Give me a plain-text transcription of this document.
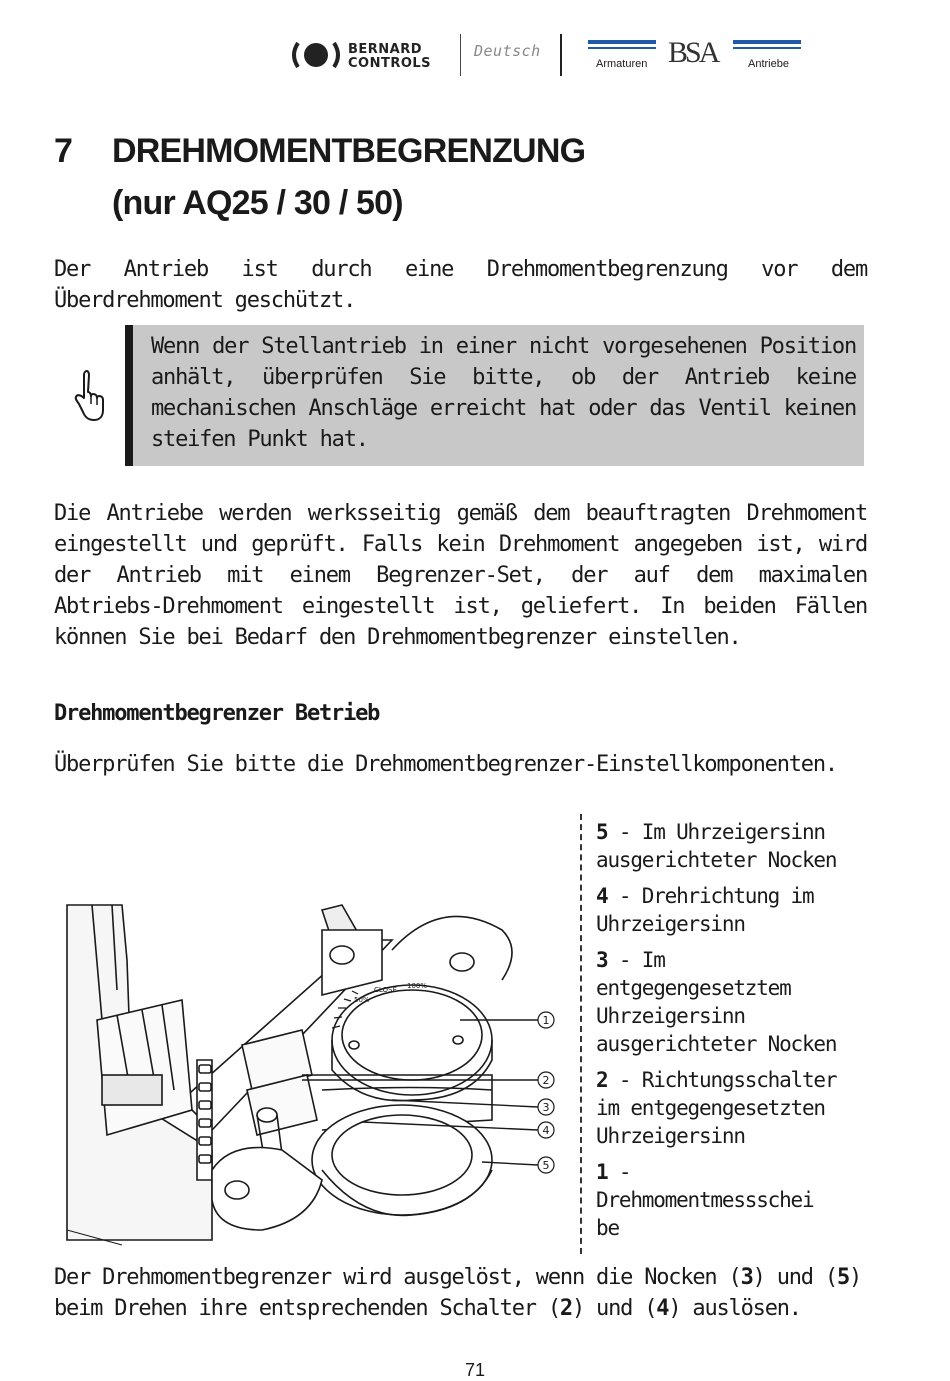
BERNARD
CONTROLS
Deutsch
Armaturen BSA	Antriebe
7 DREHMOMENTBEGRENZUNG
(nur AQ25 / 30 / 50)
Der Antrieb ist durch eine Drehmomentbegrenzung vor dem Überdrehmoment geschützt.
Wenn der Stellantrieb in einer nicht vorgesehenen Position anhält, überprüfen Sie bitte, ob der Antrieb keine mechanischen Anschläge erreicht hat oder das Ventil keinen steifen Punkt hat.
Die Antriebe werden werksseitig gemäß dem beauftragten Drehmoment eingestellt und geprüft. Falls kein Drehmoment angegeben ist, wird der Antrieb mit einem Begrenzer-Set, der auf dem maximalen Abtriebs-Drehmoment eingestellt ist, geliefert. In beiden Fällen können Sie bei Bedarf den Drehmomentbegrenzer einstellen.
Drehmomentbegrenzer Betrieb
Überprüfen Sie bitte die Drehmomentbegrenzer-Einstellkomponenten.
50%
CLOSE 100%
1
2
3
4
5
5 - Im Uhrzeigersinn ausgerichteter Nocken
4 - Drehrichtung im Uhrzeigersinn
3 - Im entgegengesetztem Uhrzeigersinn ausgerichteter Nocken
2 - Richtungsschalter im entgegengesetzten Uhrzeigersinn
1 - Drehmomentmessschei be
Der Drehmomentbegrenzer wird ausgelöst, wenn die Nocken (3) und (5) beim Drehen ihre entsprechenden Schalter (2) und (4) auslösen.
71
